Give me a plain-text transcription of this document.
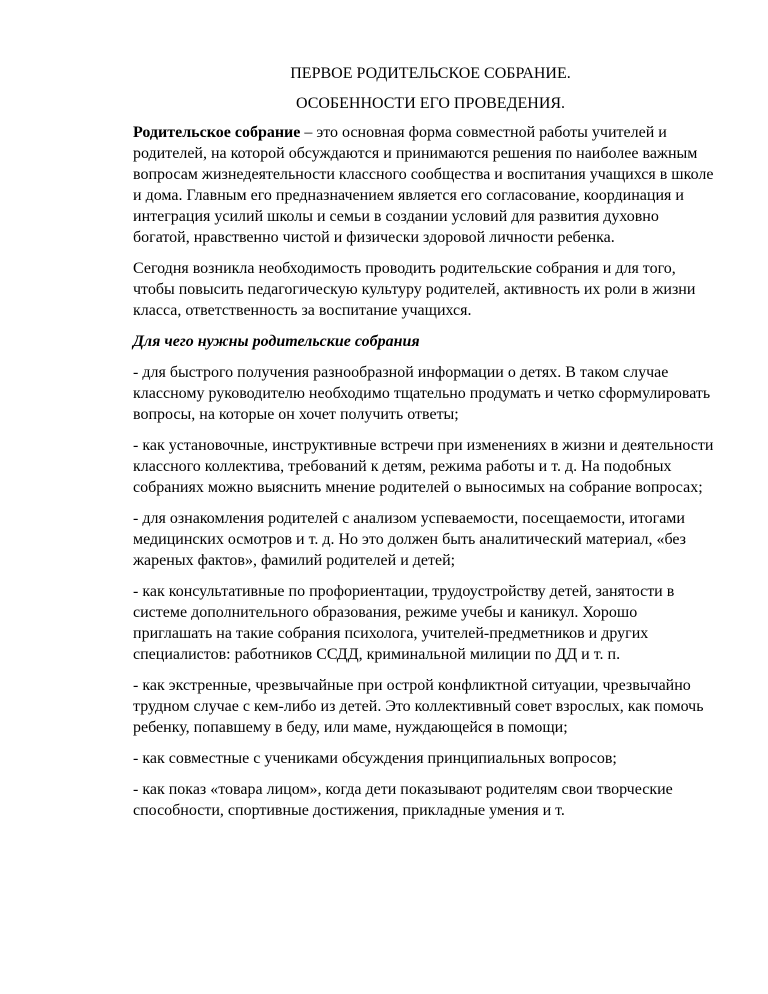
ПЕРВОЕ РОДИТЕЛЬСКОЕ СОБРАНИЕ.
ОСОБЕННОСТИ ЕГО ПРОВЕДЕНИЯ.

Родительское собрание – это основная форма совместной работы учителей и родителей, на которой обсуждаются и принимаются решения по наиболее важным вопросам жизнедеятельности классного сообщества и воспитания учащихся в школе и дома. Главным его предназначением является его согласование, координация и интеграция усилий школы и семьи в создании условий для развития духовно богатой, нравственно чистой и физически здоровой личности ребенка.

Сегодня возникла необходимость проводить родительские собрания и для того, чтобы повысить педагогическую культуру родителей, активность их роли в жизни класса, ответственность за воспитание учащихся.

Для чего нужны родительские собрания

- для быстрого получения разнообразной информации о детях. В таком случае классному руководителю необходимо тщательно продумать и четко сформулировать вопросы, на которые он хочет получить ответы;

- как установочные, инструктивные встречи при изменениях в жизни и деятельности классного коллектива, требований к детям, режима работы и т. д. На подобных собраниях можно выяснить мнение родителей о выносимых на собрание вопросах;

- для ознакомления родителей с анализом успеваемости, посещаемости, итогами медицинских осмотров и т. д. Но это должен быть аналитический материал, «без жареных фактов», фамилий родителей и детей;

- как консультативные по профориентации, трудоустройству детей, занятости в системе дополнительного образования, режиме учебы и каникул. Хорошо приглашать на такие собрания психолога, учителей-предметников и других специалистов: работников ССДД, криминальной милиции по ДД и т. п.

- как экстренные, чрезвычайные при острой конфликтной ситуации, чрезвычайно трудном случае с кем-либо из детей. Это коллективный совет взрослых, как помочь ребенку, попавшему в беду, или маме, нуждающейся в помощи;

- как совместные с учениками обсуждения принципиальных вопросов;

- как показ «товара лицом», когда дети показывают родителям свои творческие способности, спортивные достижения, прикладные умения и т.
